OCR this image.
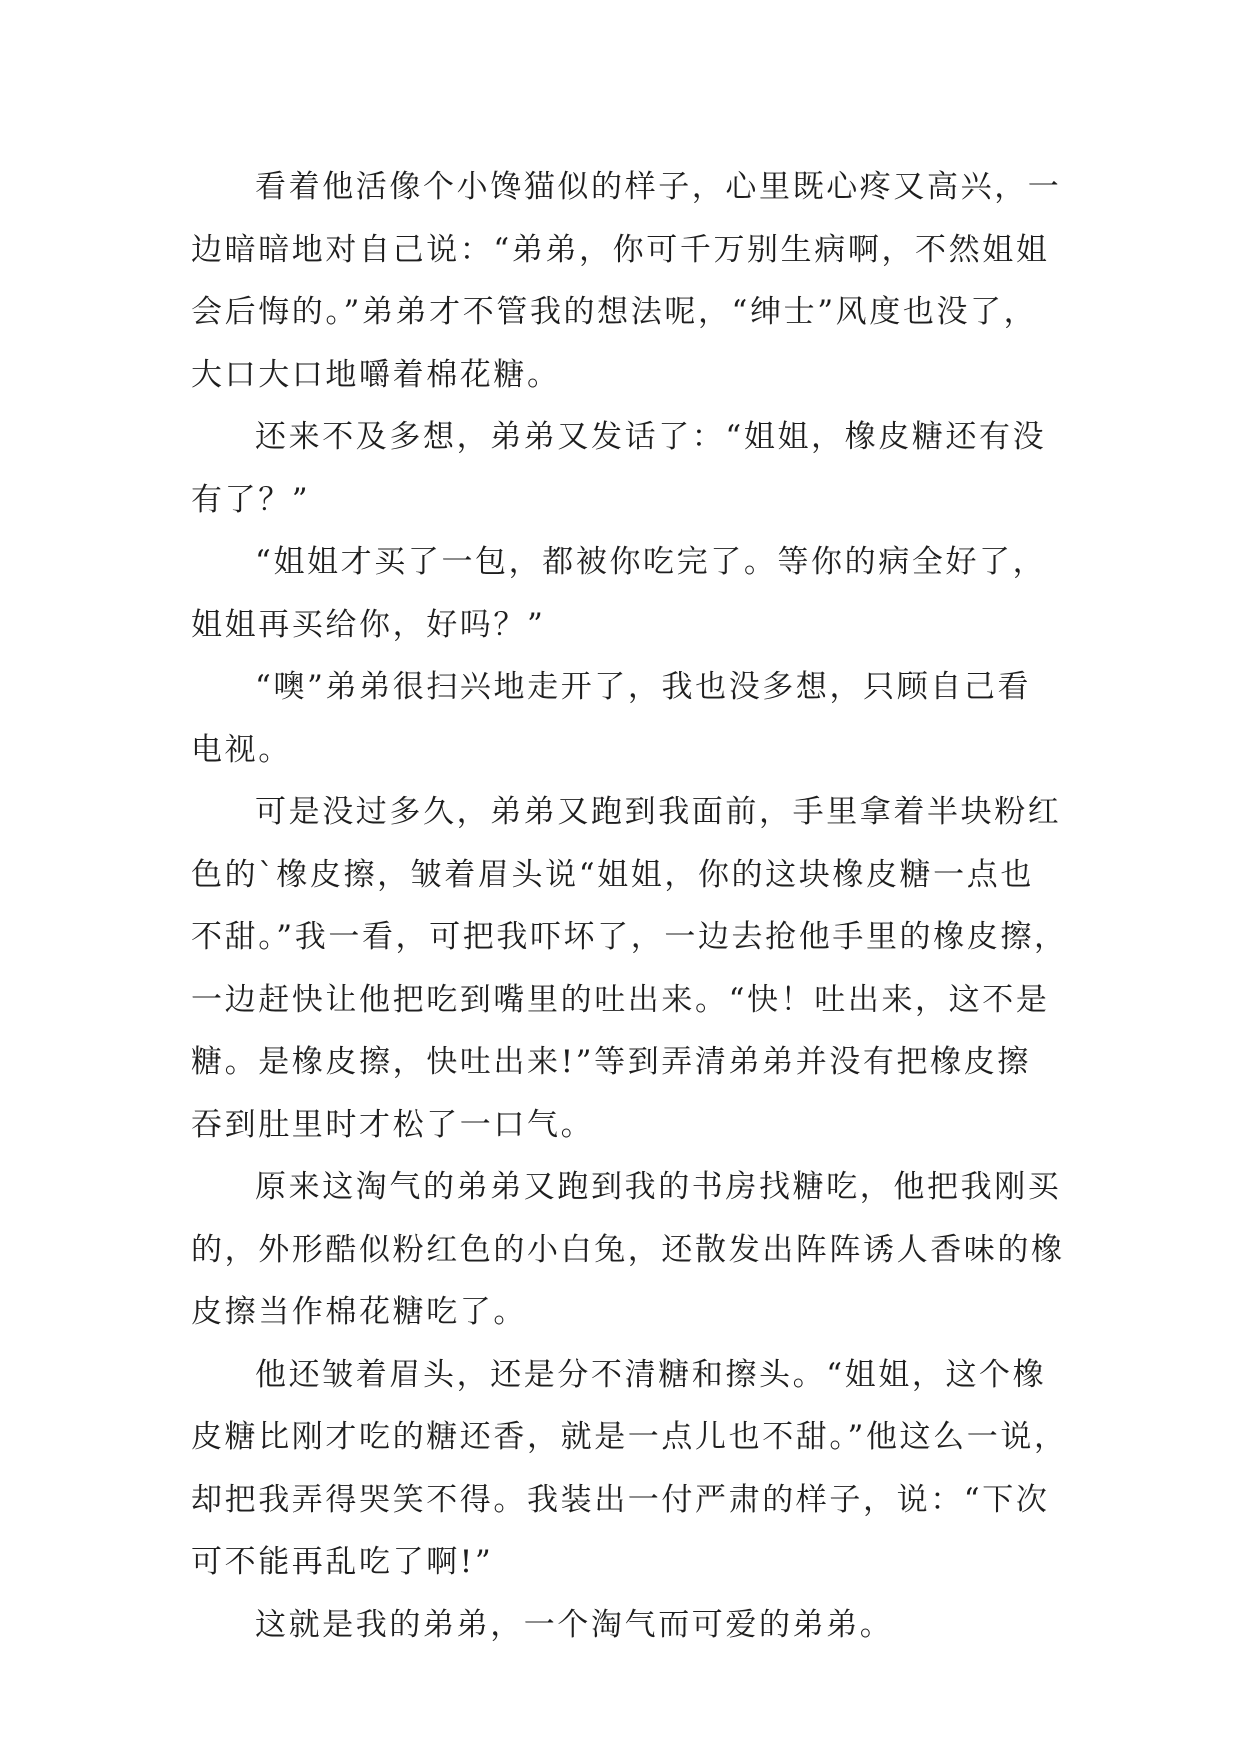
看着他活像个小馋猫似的样子，心里既心疼又高兴，一
边暗暗地对自己说：“弟弟，你可千万别生病啊，不然姐姐
会后悔的。”弟弟才不管我的想法呢，“绅士”风度也没了，
大口大口地嚼着棉花糖。
还来不及多想，弟弟又发话了：“姐姐，橡皮糖还有没
有了？”
“姐姐才买了一包，都被你吃完了。等你的病全好了，
姐姐再买给你，好吗？”
“噢”弟弟很扫兴地走开了，我也没多想，只顾自己看
电视。
可是没过多久，弟弟又跑到我面前，手里拿着半块粉红
色的`橡皮擦，皱着眉头说“姐姐，你的这块橡皮糖一点也
不甜。”我一看，可把我吓坏了，一边去抢他手里的橡皮擦，
一边赶快让他把吃到嘴里的吐出来。“快！吐出来，这不是
糖。是橡皮擦，快吐出来!”等到弄清弟弟并没有把橡皮擦
吞到肚里时才松了一口气。
原来这淘气的弟弟又跑到我的书房找糖吃，他把我刚买
的，外形酷似粉红色的小白兔，还散发出阵阵诱人香味的橡
皮擦当作棉花糖吃了。
他还皱着眉头，还是分不清糖和擦头。“姐姐，这个橡
皮糖比刚才吃的糖还香，就是一点儿也不甜。”他这么一说，
却把我弄得哭笑不得。我装出一付严肃的样子，说：“下次
可不能再乱吃了啊!”
这就是我的弟弟，一个淘气而可爱的弟弟。
